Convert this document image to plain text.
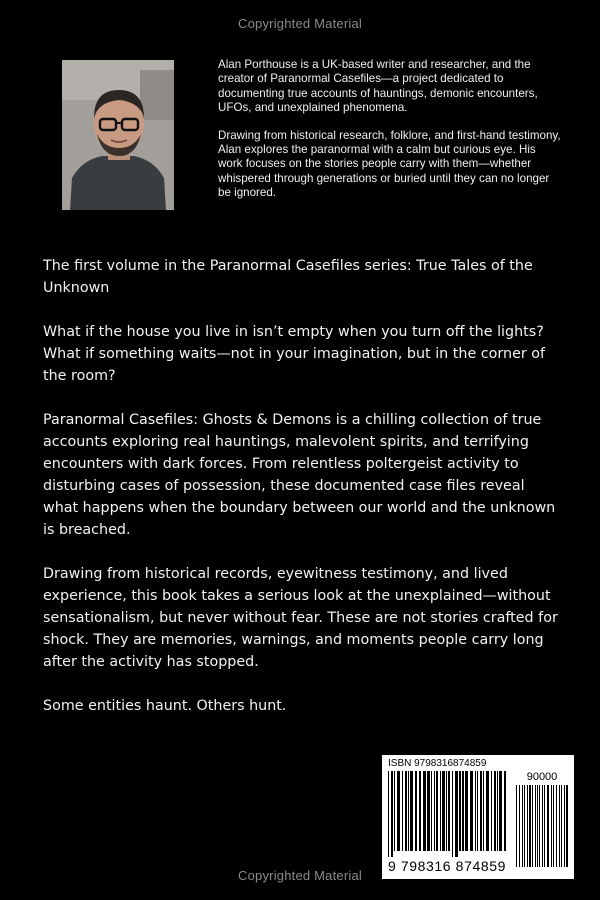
Copyrighted Material

Alan Porthouse is a UK-based writer and researcher, and the creator of Paranormal Casefiles—a project dedicated to documenting true accounts of hauntings, demonic encounters, UFOs, and unexplained phenomena.

Drawing from historical research, folklore, and first-hand testimony, Alan explores the paranormal with a calm but curious eye. His work focuses on the stories people carry with them—whether whispered through generations or buried until they can no longer be ignored.

The first volume in the Paranormal Casefiles series: True Tales of the Unknown

What if the house you live in isn’t empty when you turn off the lights? What if something waits—not in your imagination, but in the corner of the room?

Paranormal Casefiles: Ghosts & Demons is a chilling collection of true accounts exploring real hauntings, malevolent spirits, and terrifying encounters with dark forces. From relentless poltergeist activity to disturbing cases of possession, these documented case files reveal what happens when the boundary between our world and the unknown is breached.

Drawing from historical records, eyewitness testimony, and lived experience, this book takes a serious look at the unexplained—without sensationalism, but never without fear. These are not stories crafted for shock. They are memories, warnings, and moments people carry long after the activity has stopped.

Some entities haunt. Others hunt.

ISBN 9798316874859
90000
9 798316 874859
Copyrighted Material
